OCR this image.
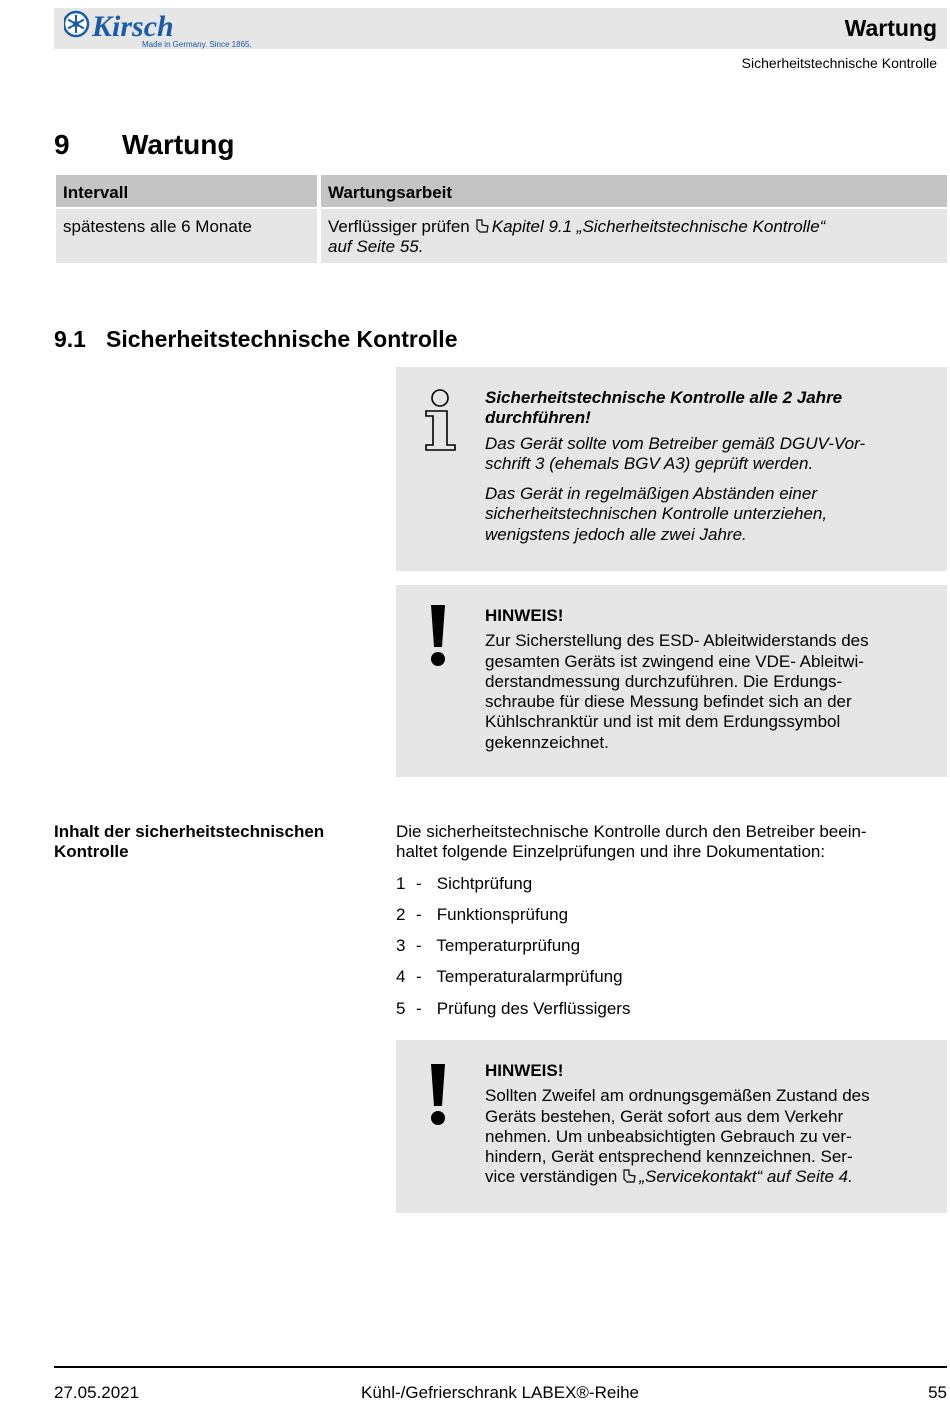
Kirsch
Made in Germany. Since 1865.
Wartung
Sicherheitstechnische Kontrolle
9 Wartung
Intervall	Wartungsarbeit
spätestens alle 6 Monate	Verflüssiger prüfen Kapitel 9.1 „Sicherheitstechnische Kontrolle“
auf Seite 55.
9.1 Sicherheitstechnische Kontrolle
Sicherheitstechnische Kontrolle alle 2 Jahre
durchführen!

Das Gerät sollte vom Betreiber gemäß DGUV-Vor-
schrift 3 (ehemals BGV A3) geprüft werden.

Das Gerät in regelmäßigen Abständen einer
sicherheitstechnischen Kontrolle unterziehen,
wenigstens jedoch alle zwei Jahre.

HINWEIS!
Zur Sicherstellung des ESD- Ableitwiderstands des
gesamten Geräts ist zwingend eine VDE- Ableitwi-
derstandmessung durchzuführen. Die Erdungs-
schraube für diese Messung befindet sich an der
Kühlschranktür und ist mit dem Erdungssymbol
gekennzeichnet.
Inhalt der sicherheitstechnischen
Kontrolle
Die sicherheitstechnische Kontrolle durch den Betreiber beein-
haltet folgende Einzelprüfungen und ihre Dokumentation:
1 - Sichtprüfung
2 - Funktionsprüfung
3 - Temperaturprüfung
4 - Temperaturalarmprüfung
5 - Prüfung des Verflüssigers
HINWEIS!
Sollten Zweifel am ordnungsgemäßen Zustand des
Geräts bestehen, Gerät sofort aus dem Verkehr
nehmen. Um unbeabsichtigten Gebrauch zu ver-
hindern, Gerät entsprechend kennzeichnen. Ser-
vice verständigen „Servicekontakt“ auf Seite 4.
27.05.2021	Kühl-/Gefrierschrank LABEX®-Reihe	55
